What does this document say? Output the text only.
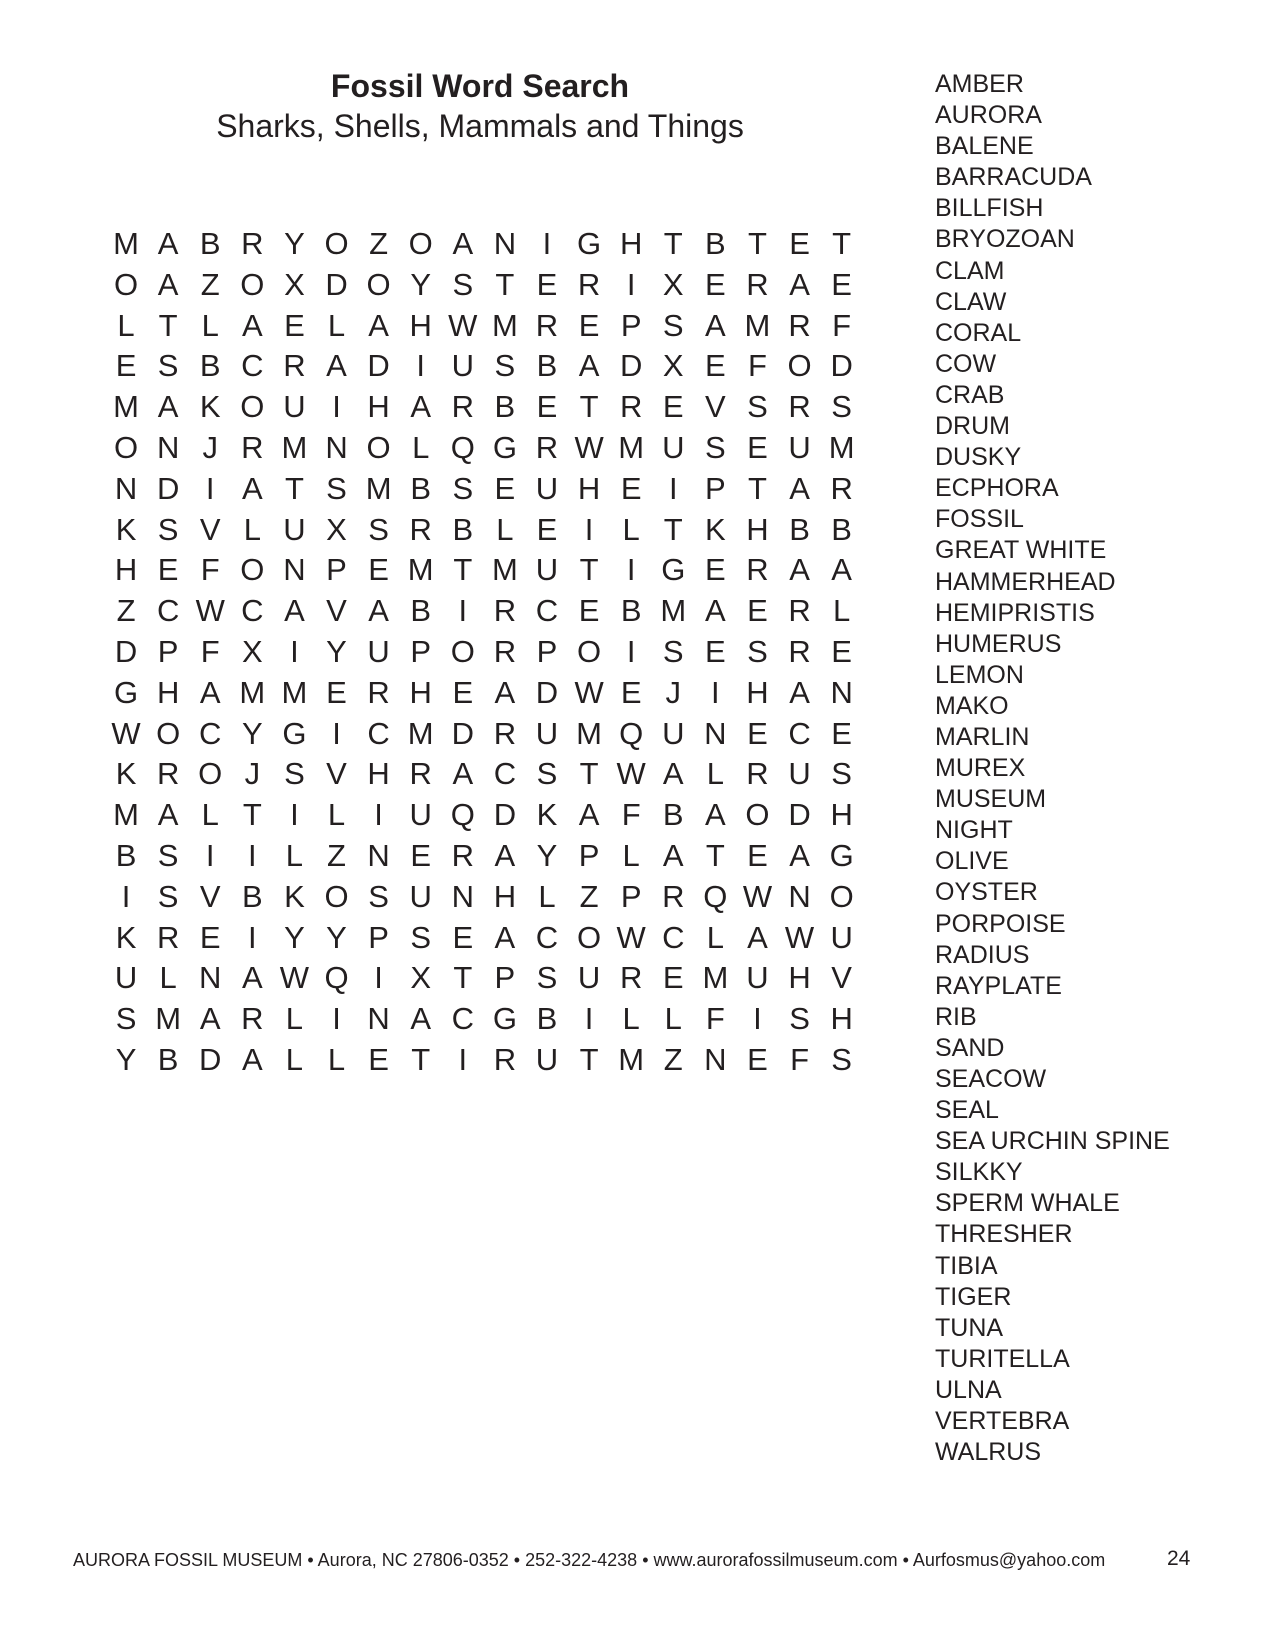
Fossil Word Search
Sharks, Shells, Mammals and Things
M A B R Y O Z O A N I G H T B T E T
O A Z O X D O Y S T E R I X E R A E
L T L A E L A H W M R E P S A M R F
E S B C R A D I U S B A D X E F O D
M A K O U I H A R B E T R E V S R S
O N J R M N O L Q G R W M U S E U M
N D I A T S M B S E U H E I P T A R
K S V L U X S R B L E I L T K H B B
H E F O N P E M T M U T I G E R A A
Z C W C A V A B I R C E B M A E R L
D P F X I Y U P O R P O I S E S R E
G H A M M E R H E A D W E J I H A N
W O C Y G I C M D R U M Q U N E C E
K R O J S V H R A C S T W A L R U S
M A L T I L I U Q D K A F B A O D H
B S I	I L Z N E R A Y P L A T E A G
I S V B K O S U N H L Z P R Q W N O
K R E I Y Y P S E A C O W C L A W U
U L N A W Q I X T P S U R E M U H V
S M A R L I N A C G B I L L F I S H
Y B D A L L E T I R U T M Z N E F S
AMBER
AURORA
BALENE
BARRACUDA
BILLFISH
BRYOZOAN
CLAM
CLAW
CORAL
COW
CRAB
DRUM
DUSKY
ECPHORA
FOSSIL
GREAT WHITE
HAMMERHEAD
HEMIPRISTIS
HUMERUS
LEMON
MAKO
MARLIN
MUREX
MUSEUM
NIGHT
OLIVE
OYSTER
PORPOISE
RADIUS
RAYPLATE
RIB
SAND
SEACOW
SEAL
SEA URCHIN SPINE
SILKKY
SPERM WHALE
THRESHER
TIBIA
TIGER
TUNA
TURITELLA
ULNA
VERTEBRA
WALRUS
AURORA FOSSIL MUSEUM • Aurora, NC 27806-0352 • 252-322-4238 • www.aurorafossilmuseum.com • Aurfosmus@yahoo.com	24
